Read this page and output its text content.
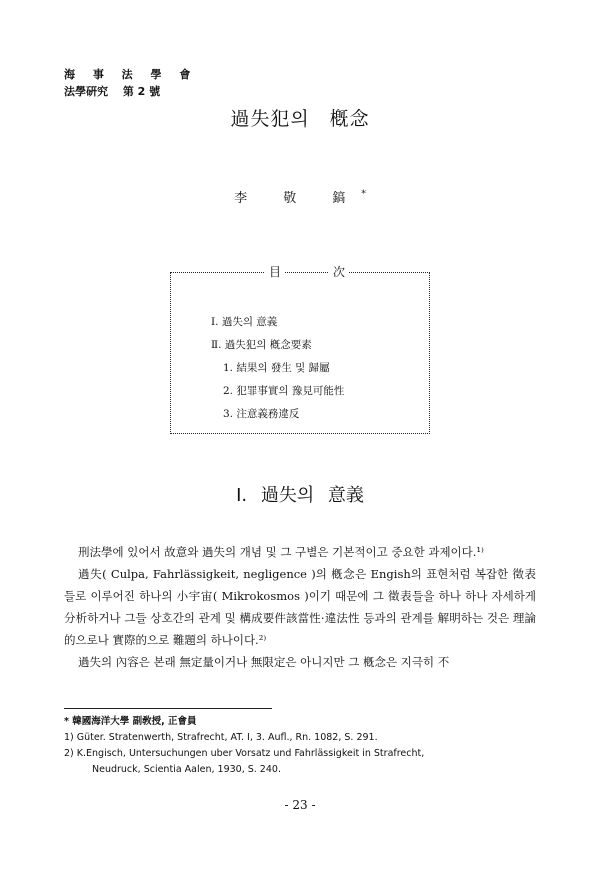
海 事 法 學 會
法學硏究　 第 2 號
過失犯의　槪念
李 敬 鎬*
目	次
Ⅰ. 過失의 意義
Ⅱ. 過失犯의 槪念要素
1. 結果의 發生 및 歸屬
2. 犯罪事實의 豫見可能性
3. 注意義務違反
Ⅰ. 過失의 意義

刑法學에 있어서 故意와 過失의 개념 및 그 구별은 기본적이고 중요한 과제이다.¹⁾

過失( Culpa, Fahrlässigkeit, negligence )의 槪念은 Engish의 표현처럼 복잡한 徵表들로 이루어진 하나의 小宇宙( Mikrokosmos )이기 때문에 그 徵表들을 하나 하나 자세하게 分析하거나 그들 상호간의 관계 및 構成要件該當性·違法性 등과의 관계를 解明하는 것은 理論的으로나 實際的으로 難題의 하나이다.²⁾

過失의 內容은 본래 無定量이거나 無限定은 아니지만 그 槪念은 지극히 不

* 韓國海洋大學 副敎授, 正會員

1) Güter. Stratenwerth, Strafrecht, AT. Ⅰ, 3. Aufl., Rn. 1082, S. 291.

2) K.Engisch, Untersuchungen uber Vorsatz und Fahrlässigkeit in Strafrecht,

Neudruck, Scientia Aalen, 1930, S. 240.

- 23 -
